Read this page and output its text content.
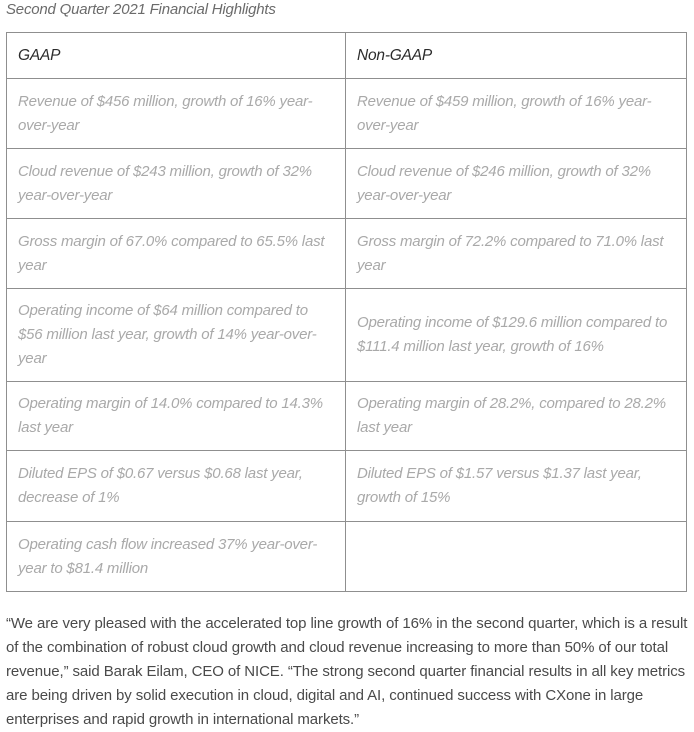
Second Quarter 2021 Financial Highlights
GAAP	Non-GAAP
Revenue of $456 million, growth of 16% year-over-year	Revenue of $459 million, growth of 16% year-over-year
Cloud revenue of $243 million, growth of 32% year-over-year	Cloud revenue of $246 million, growth of 32% year-over-year
Gross margin of 67.0% compared to 65.5% last year	Gross margin of 72.2% compared to 71.0% last year
Operating income of $64 million compared to $56 million last year, growth of 14% year-over-year	Operating income of $129.6 million compared to $111.4 million last year, growth of 16%
Operating margin of 14.0% compared to 14.3% last year	Operating margin of 28.2%, compared to 28.2% last year
Diluted EPS of $0.67 versus $0.68 last year, decrease of 1%	Diluted EPS of $1.57 versus $1.37 last year, growth of 15%
Operating cash flow increased 37% year-over-year to $81.4 million	

“We are very pleased with the accelerated top line growth of 16% in the second quarter, which is a result of the combination of robust cloud growth and cloud revenue increasing to more than 50% of our total revenue,” said Barak Eilam, CEO of NICE. “The strong second quarter financial results in all key metrics are being driven by solid execution in cloud, digital and AI, continued success with CXone in large enterprises and rapid growth in international markets.”
